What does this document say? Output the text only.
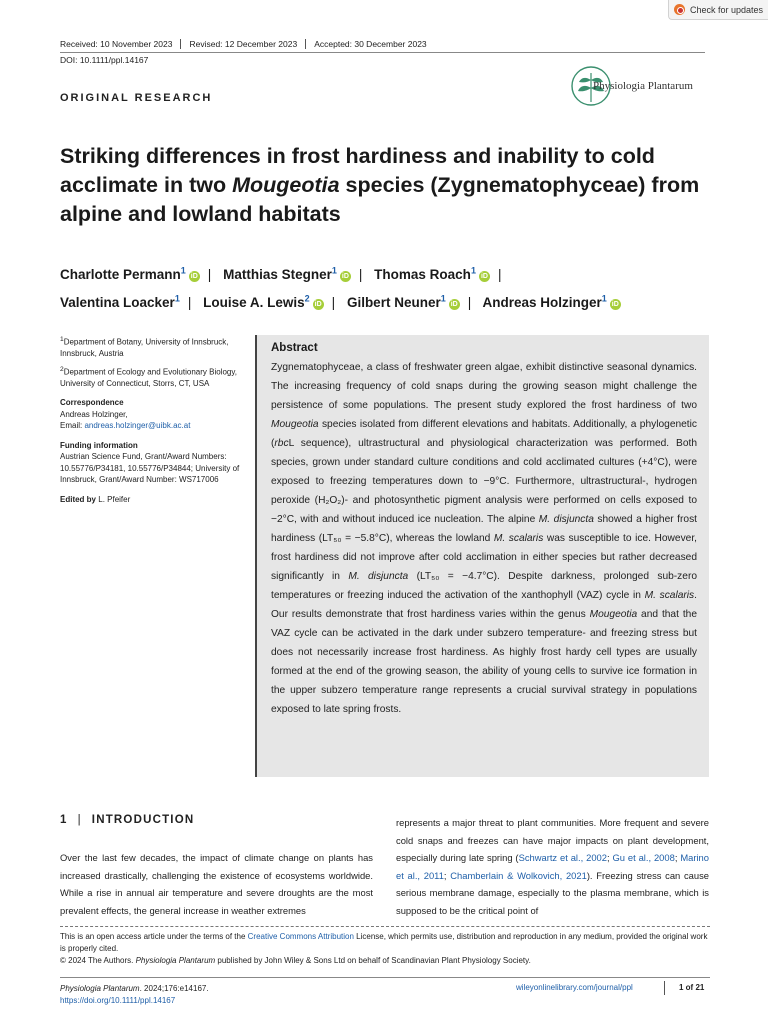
Check for updates
Received: 10 November 2023	Revised: 12 December 2023	Accepted: 30 December 2023
DOI: 10.1111/ppl.14167
ORIGINAL RESEARCH
Physiologia Plantarum
Striking differences in frost hardiness and inability to cold acclimate in two Mougeotia species (Zygnematophyceae) from alpine and lowland habitats
Charlotte Permann$^1$iD | Matthias Stegner$^1$iD | Thomas Roach$^1$iD |
Valentina Loacker$^1$ | Louise A. Lewis$^2$iD | Gilbert Neuner$^1$iD | Andreas Holzinger$^1$iD

$^1$Department of Botany, University of Innsbruck, Innsbruck, Austria

$^2$Department of Ecology and Evolutionary Biology, University of Connecticut, Storrs, CT, USA

Correspondence

Andreas Holzinger,
Email: andreas.holzinger@uibk.ac.at

Funding information

Austrian Science Fund, Grant/Award Numbers: 10.55776/P34181, 10.55776/P34844; University of Innsbruck, Grant/Award Number: WS717006

Edited by L. Pfeifer

Abstract

Zygnematophyceae, a class of freshwater green algae, exhibit distinctive seasonal dynamics. The increasing frequency of cold snaps during the growing season might challenge the persistence of some populations. The present study explored the frost hardiness of two Mougeotia species isolated from different elevations and habitats. Additionally, a phylogenetic (rbcL sequence), ultrastructural and physiological characterization was performed. Both species, grown under standard culture conditions and cold acclimated cultures (+4°C), were exposed to freezing temperatures down to −9°C. Furthermore, ultrastructural-, hydrogen peroxide (H₂O₂)- and photosynthetic pigment analysis were performed on cells exposed to −2°C, with and without induced ice nucleation. The alpine M. disjuncta showed a higher frost hardiness (LT₅₀ = −5.8°C), whereas the lowland M. scalaris was susceptible to ice. However, frost hardiness did not improve after cold acclimation in either species but rather decreased significantly in M. disjuncta (LT₅₀ = −4.7°C). Despite darkness, prolonged sub-zero temperatures or freezing induced the activation of the xanthophyll (VAZ) cycle in M. scalaris. Our results demonstrate that frost hardiness varies within the genus Mougeotia and that the VAZ cycle can be activated in the dark under subzero temperature- and freezing stress but does not necessarily increase frost hardiness. As highly frost hardy cell types are usually formed at the end of the growing season, the ability of young cells to survive ice formation in the upper subzero temperature range represents a crucial survival strategy in populations exposed to late spring frosts.

1 | INTRODUCTION

Over the last few decades, the impact of climate change on plants has increased drastically, challenging the existence of ecosystems worldwide. While a rise in annual air temperature and severe droughts are the most prevalent effects, the general increase in weather extremes

represents a major threat to plant communities. More frequent and severe cold snaps and freezes can have major impacts on plant development, especially during late spring (Schwartz et al., 2002; Gu et al., 2008; Marino et al., 2011; Chamberlain & Wolkovich, 2021). Freezing stress can cause serious membrane damage, especially to the plasma membrane, which is supposed to be the critical point of

This is an open access article under the terms of the Creative Commons Attribution License, which permits use, distribution and reproduction in any medium, provided the original work is properly cited.
© 2024 The Authors. Physiologia Plantarum published by John Wiley & Sons Ltd on behalf of Scandinavian Plant Physiology Society.
Physiologia Plantarum. 2024;176:e14167.
https://doi.org/10.1111/ppl.14167
wileyonlinelibrary.com/journal/ppl	1 of 21
